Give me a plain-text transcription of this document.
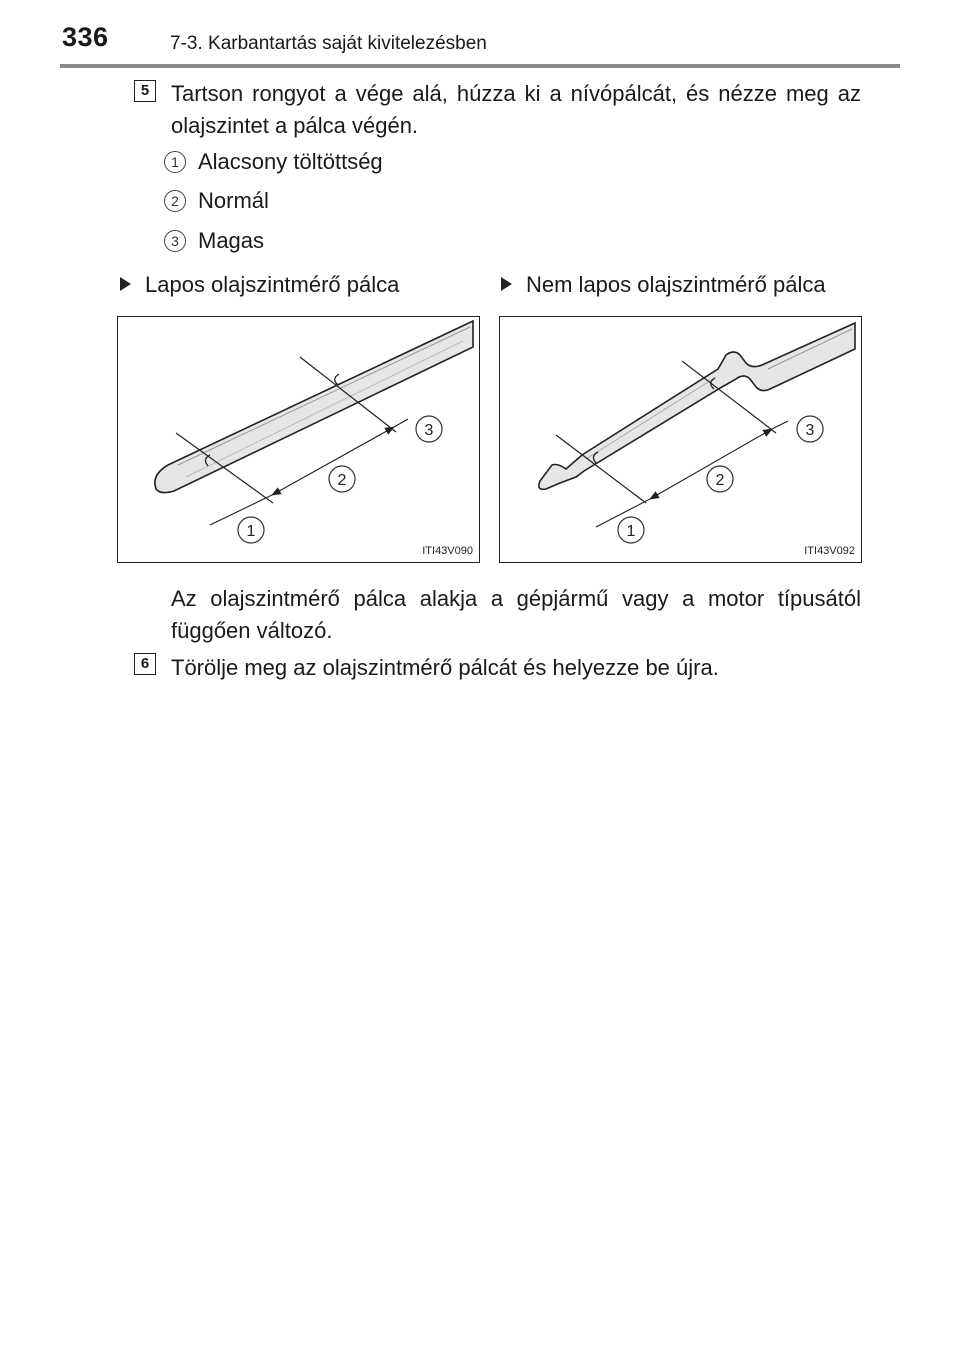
336	7-3. Karbantartás saját kivitelezésben
5 Tartson rongyot a vége alá, húzza ki a nívópálcát, és nézze meg az olajszintet a pálca végén.
1 Alacsony töltöttség
2 Normál
3 Magas
Lapos olajszintmérő pálca	Nem lapos olajszintmérő pálca
1
2
3
ITI43V090
1
2
3
ITI43V092
Az olajszintmérő pálca alakja a gépjármű vagy a motor típusától függően változó.
6 Törölje meg az olajszintmérő pálcát és helyezze be újra.
